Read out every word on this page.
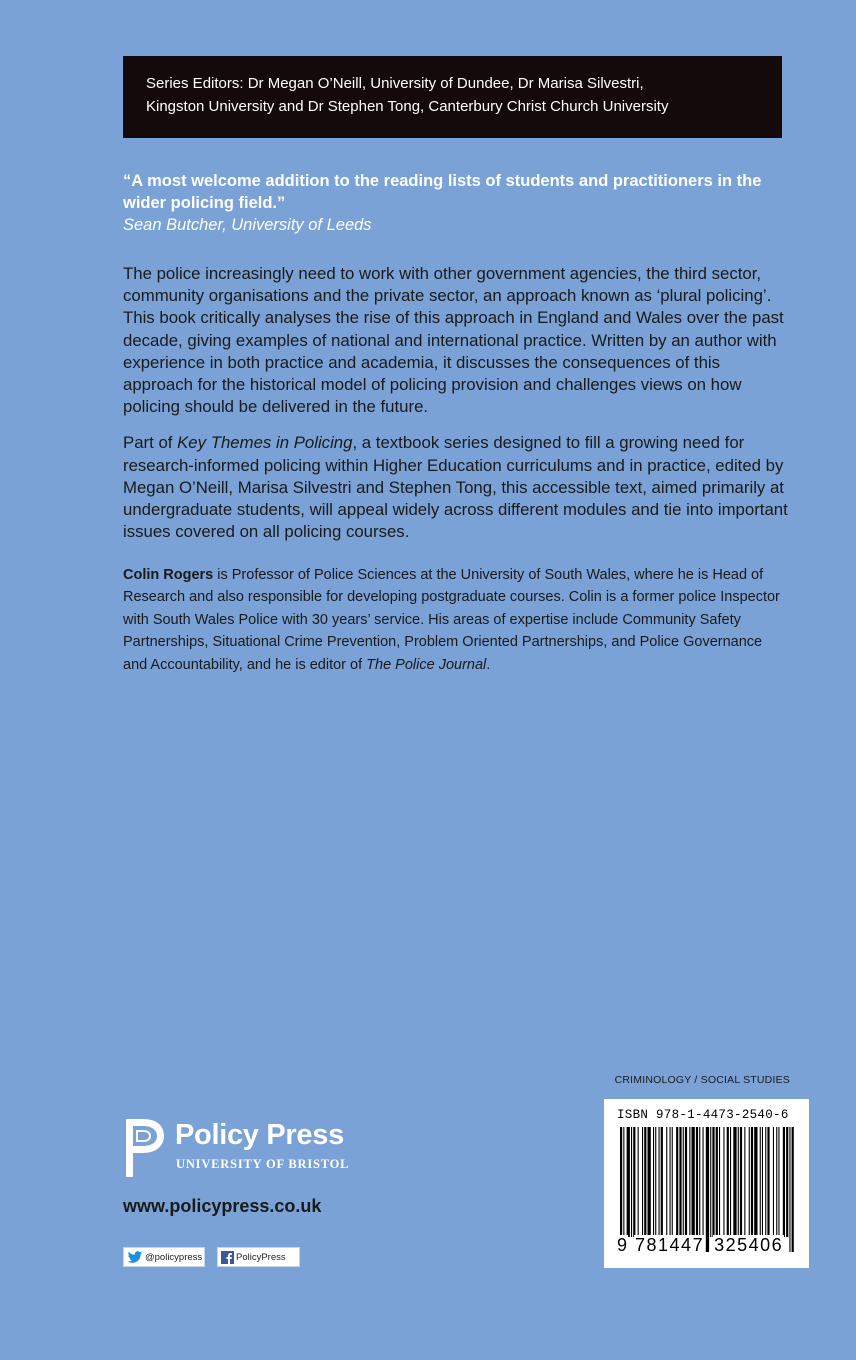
Series Editors: Dr Megan O’Neill, University of Dundee, Dr Marisa Silvestri,
Kingston University and Dr Stephen Tong, Canterbury Christ Church University
“A most welcome addition to the reading lists of students and practitioners in the wider policing field.”
Sean Butcher, University of Leeds

The police increasingly need to work with other government agencies, the third sector, community organisations and the private sector, an approach known as ‘plural policing’. This book critically analyses the rise of this approach in England and Wales over the past decade, giving examples of national and international practice. Written by an author with experience in both practice and academia, it discusses the consequences of this approach for the historical model of policing provision and challenges views on how policing should be delivered in the future.

Part of Key Themes in Policing, a textbook series designed to fill a growing need for research-informed policing within Higher Education curriculums and in practice, edited by Megan O’Neill, Marisa Silvestri and Stephen Tong, this accessible text, aimed primarily at undergraduate students, will appeal widely across different modules and tie into important issues covered on all policing courses.

Colin Rogers is Professor of Police Sciences at the University of South Wales, where he is Head of Research and also responsible for developing postgraduate courses. Colin is a former police Inspector with South Wales Police with 30 years’ service. His areas of expertise include Community Safety Partnerships, Situational Crime Prevention, Problem Oriented Partnerships, and Police Governance and Accountability, and he is editor of The Police Journal.
CRIMINOLOGY / SOCIAL STUDIES
ISBN 978-1-4473-2540-6
9 781447 325406
Policy Press
UNIVERSITY OF BRISTOL
www.policypress.co.uk
@policypress	PolicyPress
